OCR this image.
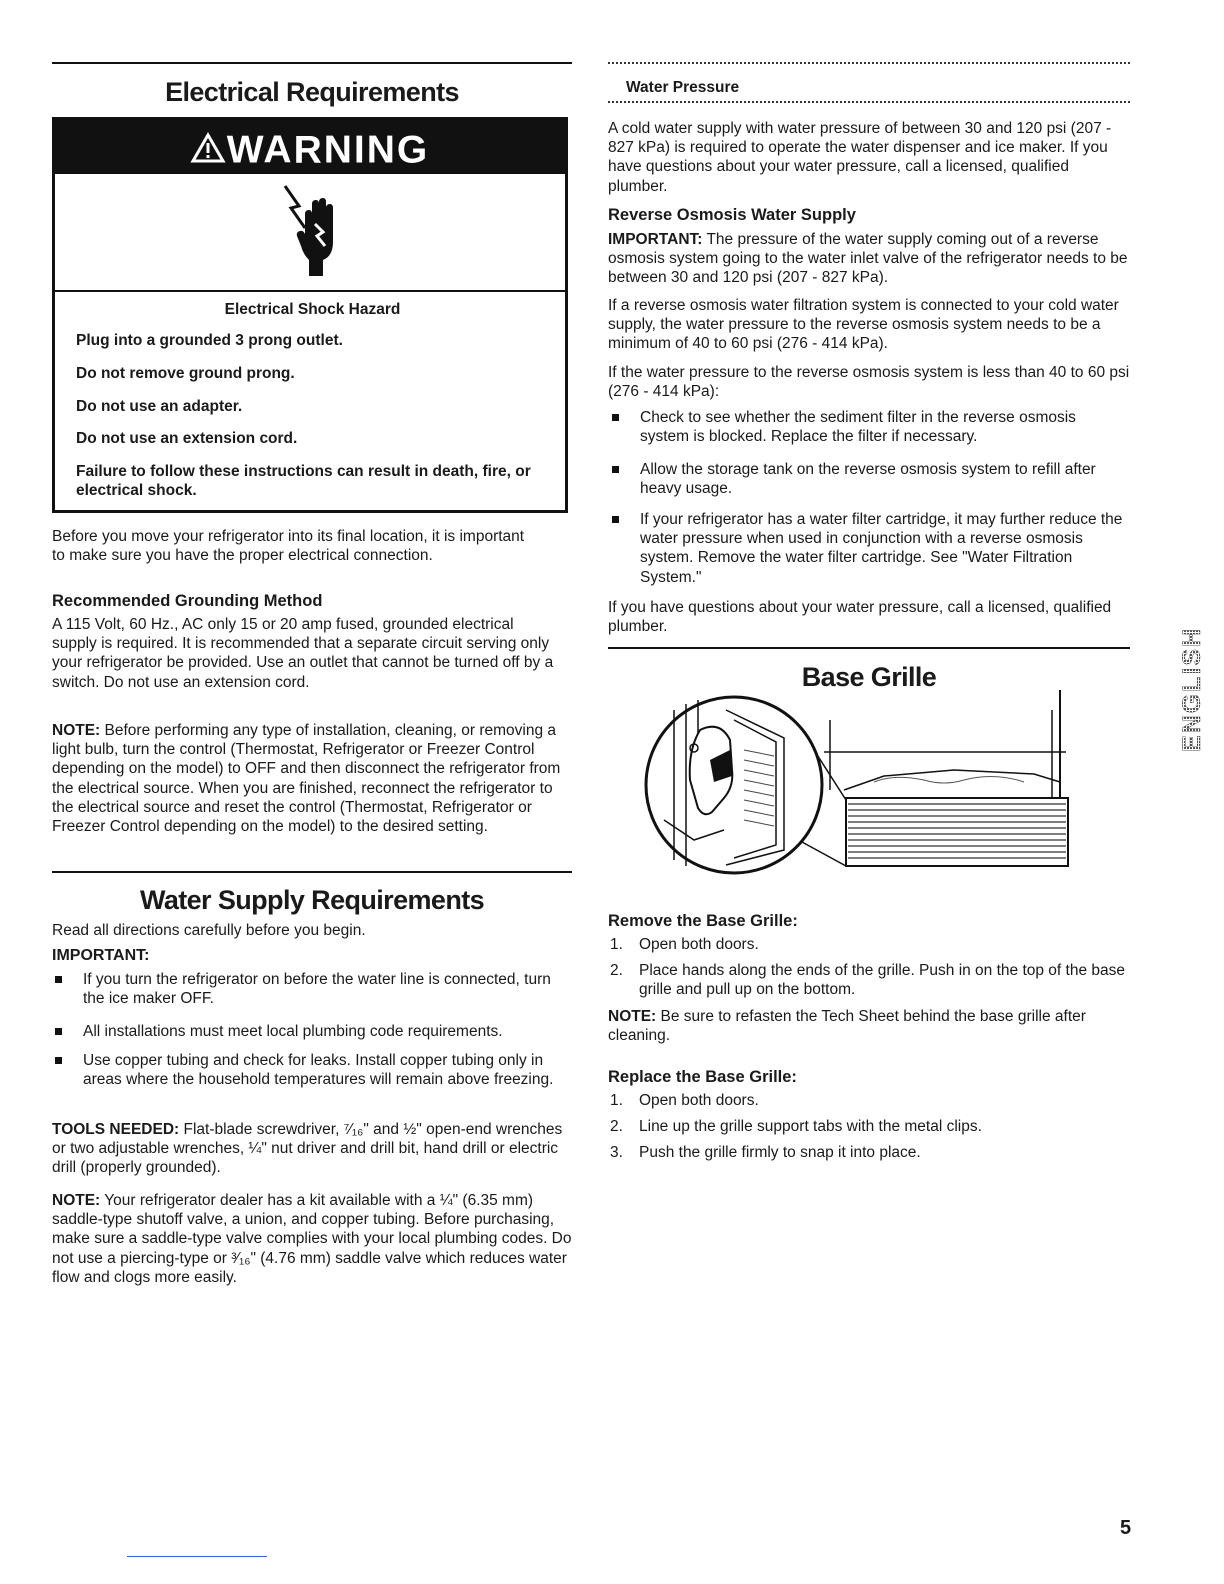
Electrical Requirements
WARNING
Electrical Shock Hazard
Plug into a grounded 3 prong outlet.
Do not remove ground prong.
Do not use an adapter.
Do not use an extension cord.
Failure to follow these instructions can result in death, fire, or electrical shock.

Before you move your refrigerator into its final location, it is important to make sure you have the proper electrical connection.

Recommended Grounding Method

A 115 Volt, 60 Hz., AC only 15 or 20 amp fused, grounded electrical supply is required. It is recommended that a separate circuit serving only your refrigerator be provided. Use an outlet that cannot be turned off by a switch. Do not use an extension cord.

NOTE: Before performing any type of installation, cleaning, or removing a light bulb, turn the control (Thermostat, Refrigerator or Freezer Control depending on the model) to OFF and then disconnect the refrigerator from the electrical source. When you are finished, reconnect the refrigerator to the electrical source and reset the control (Thermostat, Refrigerator or Freezer Control depending on the model) to the desired setting.

Water Supply Requirements

Read all directions carefully before you begin.

IMPORTANT:

If you turn the refrigerator on before the water line is connected, turn the ice maker OFF.
All installations must meet local plumbing code requirements.
Use copper tubing and check for leaks. Install copper tubing only in areas where the household temperatures will remain above freezing.

TOOLS NEEDED: Flat-blade screwdriver, ⁷⁄₁₆" and ½" open-end wrenches or two adjustable wrenches, ¼" nut driver and drill bit, hand drill or electric drill (properly grounded).

NOTE: Your refrigerator dealer has a kit available with a ¼" (6.35 mm) saddle-type shutoff valve, a union, and copper tubing. Before purchasing, make sure a saddle-type valve complies with your local plumbing codes. Do not use a piercing-type or ³⁄₁₆" (4.76 mm) saddle valve which reduces water flow and clogs more easily.

Water Pressure

A cold water supply with water pressure of between 30 and 120 psi (207 - 827 kPa) is required to operate the water dispenser and ice maker. If you have questions about your water pressure, call a licensed, qualified plumber.

Reverse Osmosis Water Supply

IMPORTANT: The pressure of the water supply coming out of a reverse osmosis system going to the water inlet valve of the refrigerator needs to be between 30 and 120 psi (207 - 827 kPa).

If a reverse osmosis water filtration system is connected to your cold water supply, the water pressure to the reverse osmosis system needs to be a minimum of 40 to 60 psi (276 - 414 kPa).

If the water pressure to the reverse osmosis system is less than 40 to 60 psi (276 - 414 kPa):

Check to see whether the sediment filter in the reverse osmosis system is blocked. Replace the filter if necessary.
Allow the storage tank on the reverse osmosis system to refill after heavy usage.
If your refrigerator has a water filter cartridge, it may further reduce the water pressure when used in conjunction with a reverse osmosis system. Remove the water filter cartridge. See "Water Filtration System."

If you have questions about your water pressure, call a licensed, qualified plumber.

Base Grille

Remove the Base Grille:

1. Open both doors.
2. Place hands along the ends of the grille. Push in on the top of the base grille and pull up on the bottom.

NOTE: Be sure to refasten the Tech Sheet behind the base grille after cleaning.

Replace the Base Grille:

1. Open both doors.
2. Line up the grille support tabs with the metal clips.
3. Push the grille firmly to snap it into place.
ENGLISH
5
